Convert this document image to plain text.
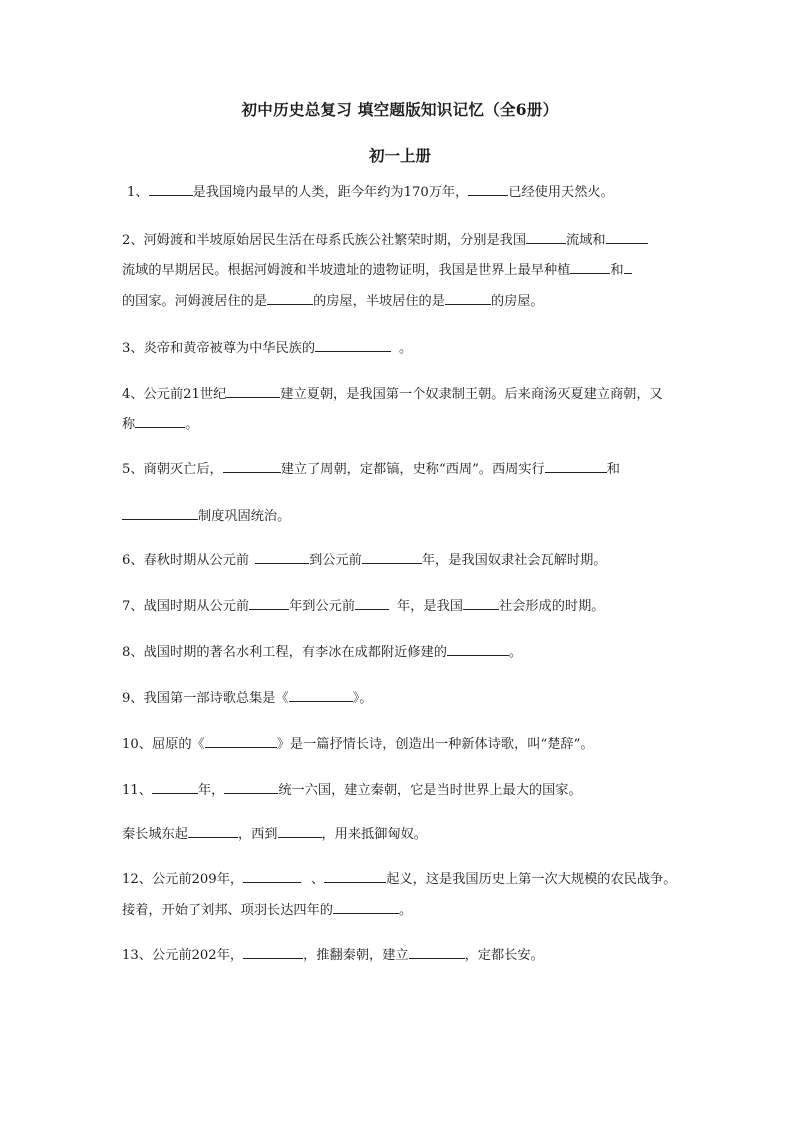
初中历史总复习 填空题版知识记忆（全6册）
初一上册
1、	是我国境内最早的人类，距今年约为170万年，	已经使用天然火。
2、河姆渡和半坡原始居民生活在母系氏族公社繁荣时期，分别是我国	流域和
流域的早期居民。根据河姆渡和半坡遗址的遗物证明，我国是世界上最早种植	和
的国家。河姆渡居住的是	的房屋，半坡居住的是	的房屋。
3、炎帝和黄帝被尊为中华民族的	。
4、公元前21世纪	建立夏朝，是我国第一个奴隶制王朝。后来商汤灭夏建立商朝，又
称	。
5、商朝灭亡后，	建立了周朝，定都镐，史称“西周”。西周实行	和
制度巩固统治。
6、春秋时期从公元前	到公元前	年，是我国奴隶社会瓦解时期。
7、战国时期从公元前	年到公元前	年，是我国	社会形成的时期。
8、战国时期的著名水利工程，有李冰在成都附近修建的	。
9、我国第一部诗歌总集是《	》。
10、屈原的《	》是一篇抒情长诗，创造出一种新体诗歌，叫“楚辞”。
11、	年，	统一六国，建立秦朝，它是当时世界上最大的国家。
秦长城东起	，西到	，用来抵御匈奴。
12、公元前209年，	、	起义，这是我国历史上第一次大规模的农民战争。
接着，开始了刘邦、项羽长达四年的	。
13、公元前202年，	，推翻秦朝，建立	，定都长安。
